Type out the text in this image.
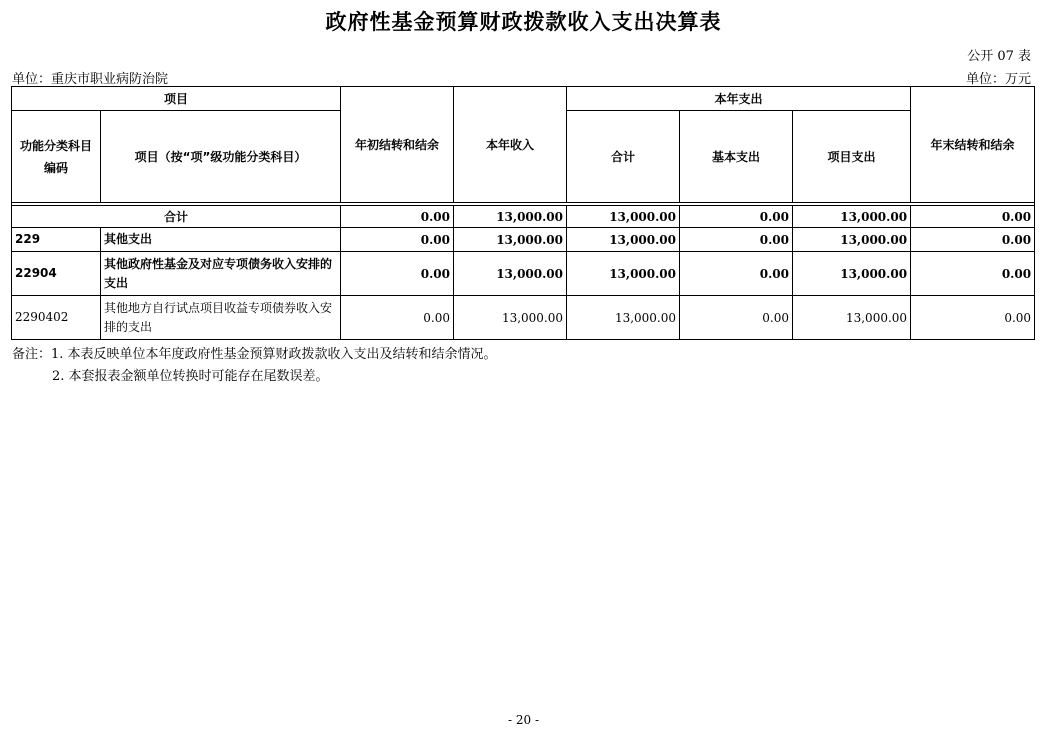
政府性基金预算财政拨款收入支出决算表
公开 07 表
单位：重庆市职业病防治院	单位：万元
项目		年初结转和结余	本年收入	本年支出			年末结转和结余
功能分类科目编码	项目（按“项”级功能分类科目）			合计	基本支出	项目支出	

合计		0.00	13,000.00	13,000.00	0.00	13,000.00	0.00
229	其他支出	0.00	13,000.00	13,000.00	0.00	13,000.00	0.00
22904	其他政府性基金及对应专项债务收入安排的支出	0.00	13,000.00	13,000.00	0.00	13,000.00	0.00
2290402	其他地方自行试点项目收益专项债券收入安排的支出	0.00	13,000.00	13,000.00	0.00	13,000.00	0.00
备注：1. 本表反映单位本年度政府性基金预算财政拨款收入支出及结转和结余情况。
2. 本套报表金额单位转换时可能存在尾数误差。
- 20 -
